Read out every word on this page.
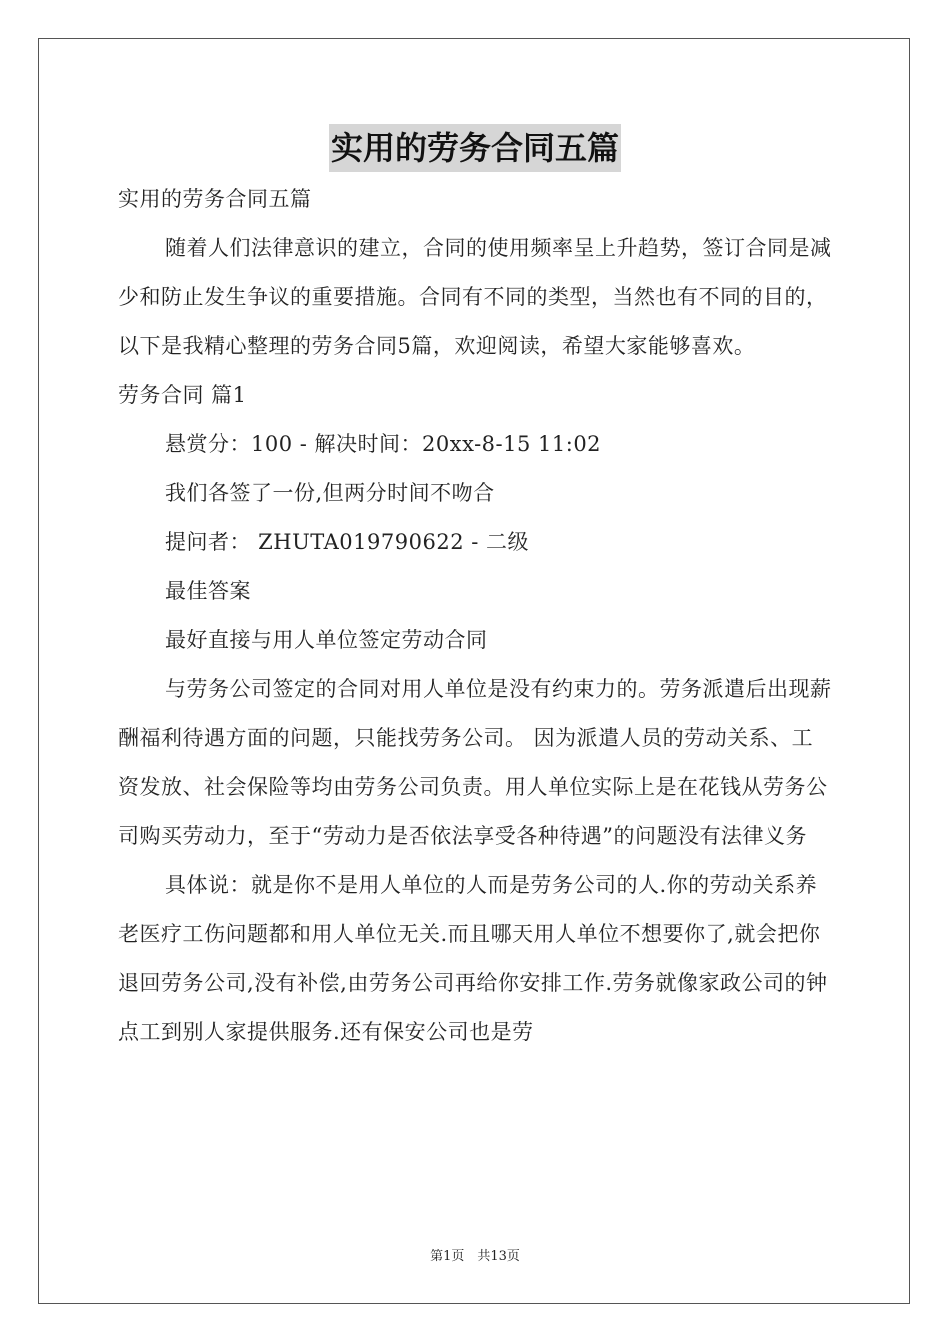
实用的劳务合同五篇

实用的劳务合同五篇

随着人们法律意识的建立，合同的使用频率呈上升趋势，签订合同是减少和防止发生争议的重要措施。合同有不同的类型，当然也有不同的目的，以下是我精心整理的劳务合同5篇，欢迎阅读，希望大家能够喜欢。

劳务合同 篇1

悬赏分：100 - 解决时间：20xx-8-15 11:02

我们各签了一份,但两分时间不吻合

提问者： ZHUTA019790622 - 二级

最佳答案

最好直接与用人单位签定劳动合同

与劳务公司签定的合同对用人单位是没有约束力的。劳务派遣后出现薪酬福利待遇方面的问题，只能找劳务公司。 因为派遣人员的劳动关系、工资发放、社会保险等均由劳务公司负责。用人单位实际上是在花钱从劳务公司购买劳动力，至于“劳动力是否依法享受各种待遇”的问题没有法律义务

具体说：就是你不是用人单位的人而是劳务公司的人.你的劳动关系养老医疗工伤问题都和用人单位无关.而且哪天用人单位不想要你了,就会把你退回劳务公司,没有补偿,由劳务公司再给你安排工作.劳务就像家政公司的钟点工到别人家提供服务.还有保安公司也是劳

第1页　共13页
